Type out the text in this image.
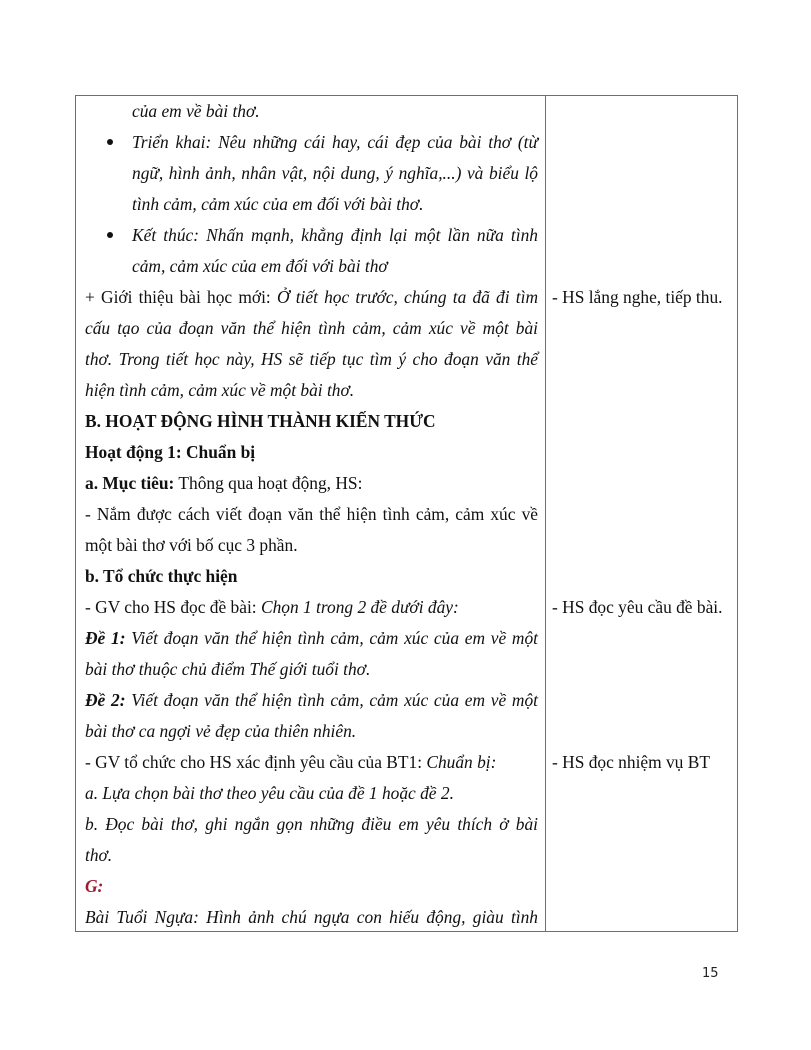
của em về bài thơ.
Triển khai: Nêu những cái hay, cái đẹp của bài thơ (từ
ngữ, hình ảnh, nhân vật, nội dung, ý nghĩa,...) và biểu lộ
tình cảm, cảm xúc của em đối với bài thơ.
Kết thúc: Nhấn mạnh, khẳng định lại một lần nữa tình
cảm, cảm xúc của em đối với bài thơ
+ Giới thiệu bài học mới: Ở tiết học trước, chúng ta đã đi tìm
cấu tạo của đoạn văn thể hiện tình cảm, cảm xúc về một bài
thơ. Trong tiết học này, HS sẽ tiếp tục tìm ý cho đoạn văn thể
hiện tình cảm, cảm xúc về một bài thơ.
B. HOẠT ĐỘNG HÌNH THÀNH KIẾN THỨC
Hoạt động 1: Chuẩn bị
a. Mục tiêu: Thông qua hoạt động, HS:
- Nắm được cách viết đoạn văn thể hiện tình cảm, cảm xúc về
một bài thơ với bố cục 3 phần.
b. Tổ chức thực hiện
- GV cho HS đọc đề bài: Chọn 1 trong 2 đề dưới đây:
Đề 1: Viết đoạn văn thể hiện tình cảm, cảm xúc của em về một
bài thơ thuộc chủ điểm Thế giới tuổi thơ.
Đề 2: Viết đoạn văn thể hiện tình cảm, cảm xúc của em về một
bài thơ ca ngợi vẻ đẹp của thiên nhiên.
- GV tổ chức cho HS xác định yêu cầu của BT1: Chuẩn bị:
a. Lựa chọn bài thơ theo yêu cầu của đề 1 hoặc đề 2.
b. Đọc bài thơ, ghi ngắn gọn những điều em yêu thích ở bài
thơ.
G:
Bài Tuổi Ngựa: Hình ảnh chú ngựa con hiếu động, giàu tình
- HS lắng nghe, tiếp thu.
- HS đọc yêu cầu đề bài.
- HS đọc nhiệm vụ BT
15
